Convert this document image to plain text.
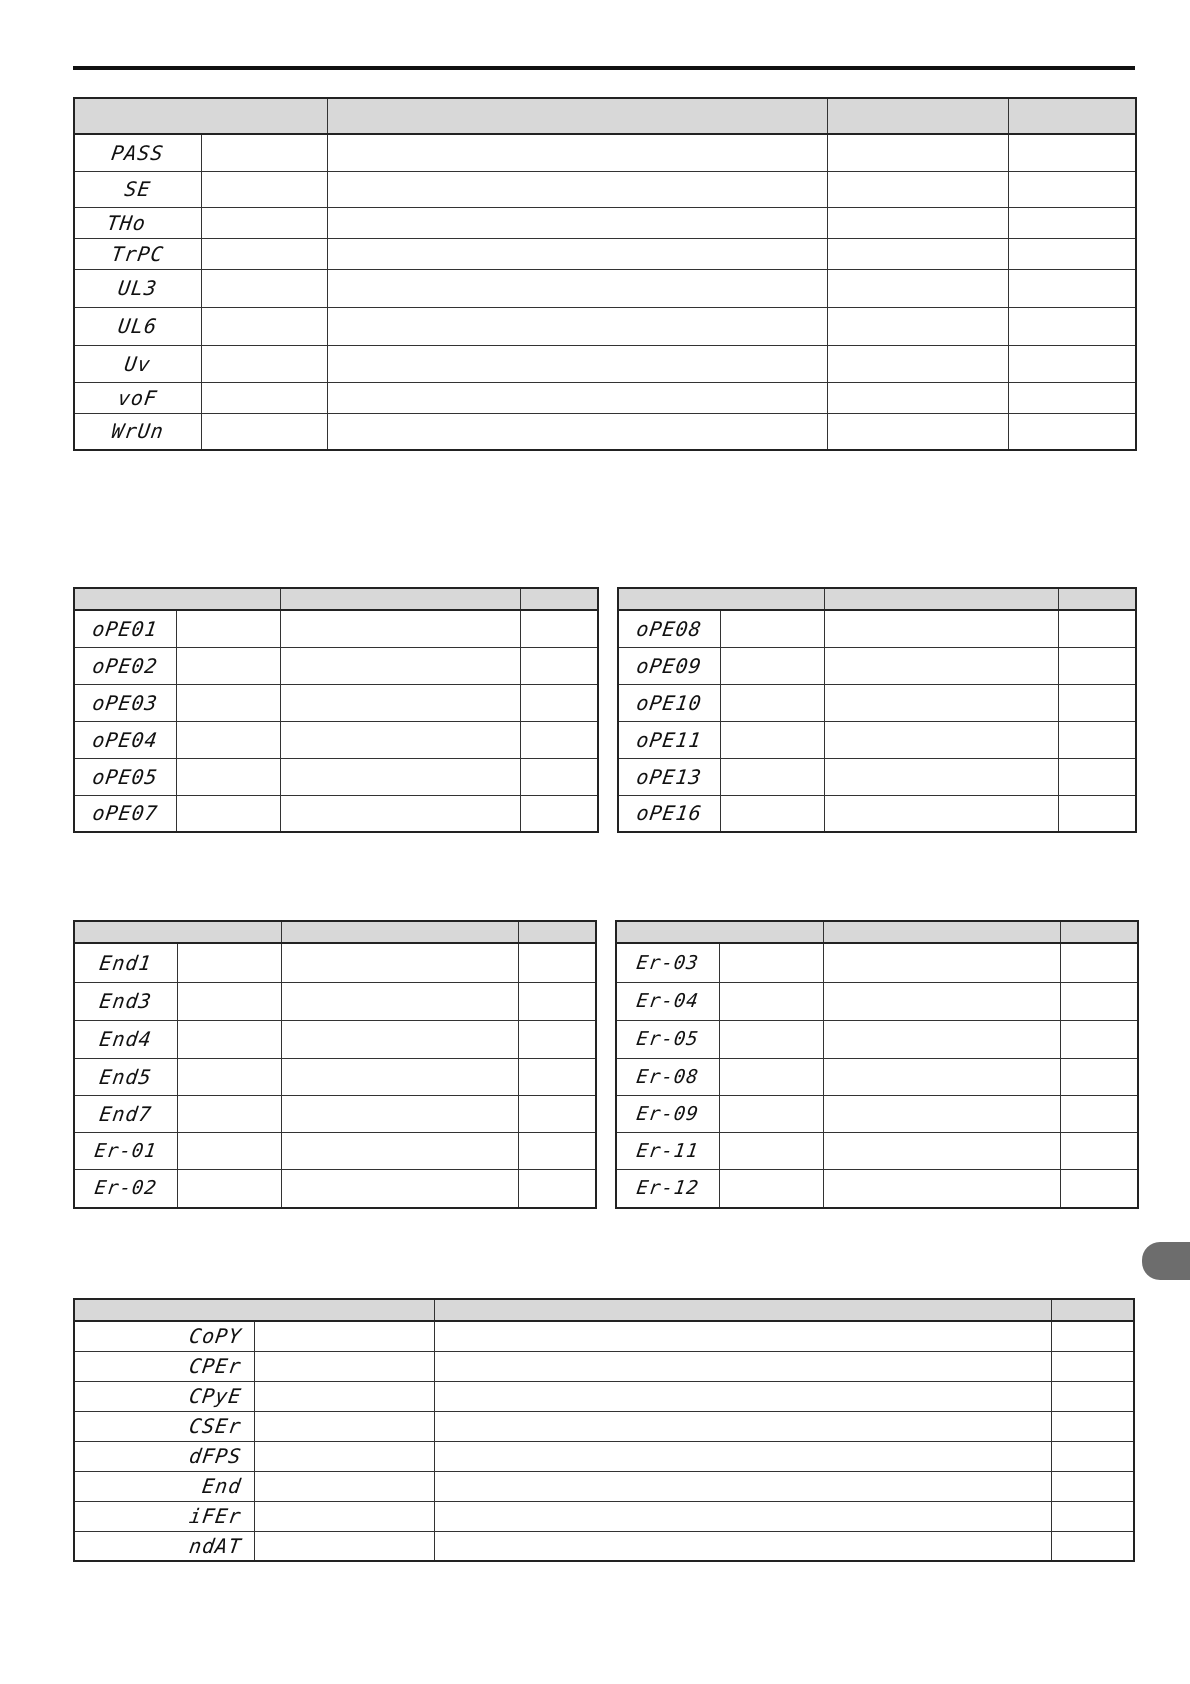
PASS				
SE				
THo				
TrPC				
UL3				
UL6				
Uv				
voF				
WrUn				

oPE01			
oPE02			
oPE03			
oPE04			
oPE05			
oPE07			

oPE08			
oPE09			
oPE10			
oPE11			
oPE13			
oPE16			

End1			
End3			
End4			
End5			
End7			
Er-01			
Er-02			

Er-03			
Er-04			
Er-05			
Er-08			
Er-09			
Er-11			
Er-12			

CoPY			
CPEr			
CPyE			
CSEr			
dFPS			
End			
iFEr			
ndAT			
